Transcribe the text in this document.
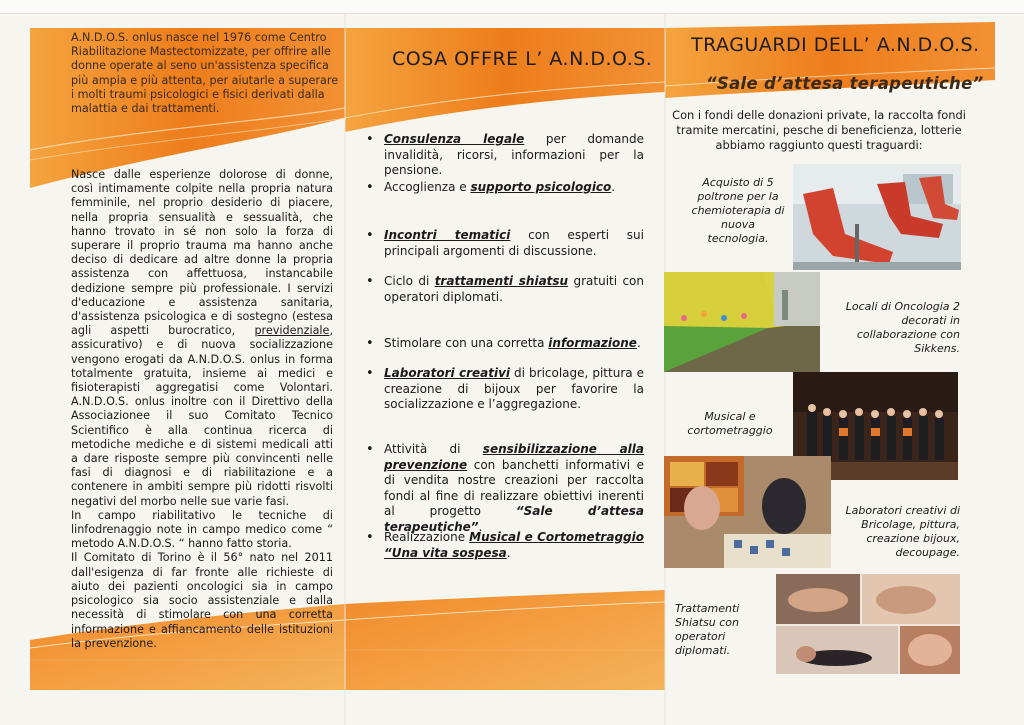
A.N.D.O.S. onlus nasce nel 1976 come Centro Riabilitazione Mastectomizzate, per offrire alle donne operate al seno un'assistenza specifica più ampia e più attenta, per aiutarle a superare i molti traumi psicologici e fisici derivati dalla malattia e dai trattamenti.

Nasce dalle esperienze dolorose di donne, così intimamente colpite nella propria natura femminile, nel proprio desiderio di piacere, nella propria sensualità e sessualità, che hanno trovato in sé non solo la forza di superare il proprio trauma ma hanno anche deciso di dedicare ad altre donne la propria assistenza con affettuosa, instancabile dedizione sempre più professionale. I servizi d'educazione e assistenza sanitaria, d'assistenza psicologica e di sostegno (estesa agli aspetti burocratico, previdenziale, assicurativo) e di nuova socializzazione vengono erogati da A.N.D.O.S. onlus in forma totalmente gratuita, insieme ai medici e fisioterapisti aggregatisi come Volontari. A.N.D.O.S. onlus inoltre con il Direttivo della Associazionee il suo Comitato Tecnico Scientifico è alla continua ricerca di metodiche mediche e di sistemi medicali atti a dare risposte sempre più convincenti nelle fasi di diagnosi e di riabilitazione e a contenere in ambiti sempre più ridotti risvolti negativi del morbo nelle sue varie fasi.

In campo riabilitativo le tecniche di linfodrenaggio note in campo medico come “ metodo A.N.D.O.S. “ hanno fatto storia.

Il Comitato di Torino è il 56° nato nel 2011 dall'esigenza di far fronte alle richieste di aiuto dei pazienti oncologici sia in campo psicologico sia socio assistenziale e dalla necessità di stimolare con una corretta informazione e affiancamento delle istituzioni la prevenzione.

COSA OFFRE L’ A.N.D.O.S.
• Consulenza legale per domande invalidità, ricorsi, informazioni per la pensione.
• Accoglienza e supporto psicologico.
• Incontri tematici con esperti sui principali argomenti di discussione.
• Ciclo di trattamenti shiatsu gratuiti con operatori diplomati.
• Stimolare con una corretta informazione.
• Laboratori creativi di bricolage, pittura e creazione di bijoux per favorire la socializzazione e l’aggregazione.
• Attività di sensibilizzazione alla prevenzione con banchetti informativi e di vendita nostre creazioni per raccolta fondi al fine di realizzare obiettivi inerenti al progetto “Sale d’attesa terapeutiche”.
• Realizzazione Musical e Cortometraggio “Una vita sospesa.
TRAGUARDI DELL’ A.N.D.O.S.
“Sale d’attesa terapeutiche”
Con i fondi delle donazioni private, la raccolta fondi tramite mercatini, pesche di beneficienza, lotterie abbiamo raggiunto questi traguardi:
Acquisto di 5 poltrone per la chemioterapia di nuova tecnologia.
Locali di Oncologia 2 decorati in collaborazione con Sikkens.
Musical e cortometraggio
Laboratori creativi di Bricolage, pittura, creazione bijoux, decoupage.
Trattamenti Shiatsu con operatori diplomati.
